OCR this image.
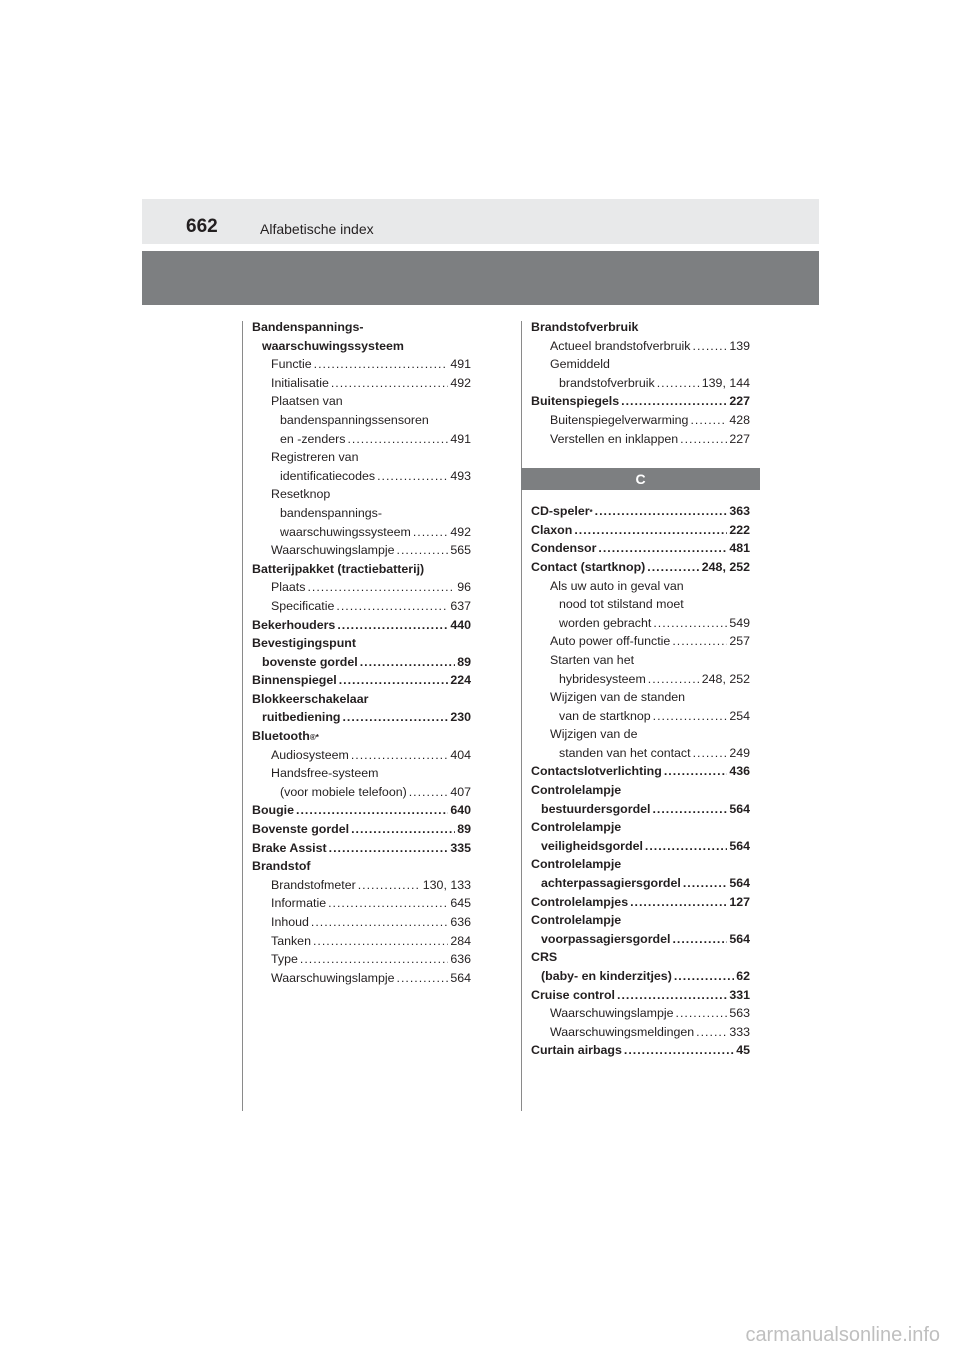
662	Alfabetische index
Bandenspannings-
waarschuwingssysteem
Functie .....	491
Initialisatie .....	492
Plaatsen van
bandenspanningssensoren
en -zenders .....	491
Registreren van
identificatiecodes .....	493
Resetknop
bandenspannings-
waarschuwingssysteem .....	492
Waarschuwingslampje .....	565
Batterijpakket (tractiebatterij)
Plaats .....	96
Specificatie .....	637
Bekerhouders .....	440
Bevestigingspunt
bovenste gordel .....	89
Binnenspiegel .....	224
Blokkeerschakelaar
ruitbediening .....	230
Bluetooth ®*
Audiosysteem .....	404
Handsfree-systeem
(voor mobiele telefoon) .....	407
Bougie .....	640
Bovenste gordel .....	89
Brake Assist .....	335
Brandstof
Brandstofmeter .....	130, 133
Informatie .....	645
Inhoud .....	636
Tanken .....	284
Type .....	636
Waarschuwingslampje .....	564
Brandstofverbruik
Actueel brandstofverbruik .....	139
Gemiddeld
brandstofverbruik .....	139, 144
Buitenspiegels .....	227
Buitenspiegelverwarming .....	428
Verstellen en inklappen .....	227
C
CD-speler * .....	363
Claxon .....	222
Condensor .....	481
Contact (startknop) .....	248, 252
Als uw auto in geval van
nood tot stilstand moet
worden gebracht .....	549
Auto power off-functie .....	257
Starten van het
hybridesysteem .....	248, 252
Wijzigen van de standen
van de startknop .....	254
Wijzigen van de
standen van het contact .....	249
Contactslotverlichting .....	436
Controlelampje
bestuurdersgordel .....	564
Controlelampje
veiligheidsgordel .....	564
Controlelampje
achterpassagiersgordel .....	564
Controlelampjes .....	127
Controlelampje
voorpassagiersgordel .....	564
CRS
(baby- en kinderzitjes) .....	62
Cruise control .....	331
Waarschuwingslampje .....	563
Waarschuwingsmeldingen .....	333
Curtain airbags .....	45
carmanualsonline.info
